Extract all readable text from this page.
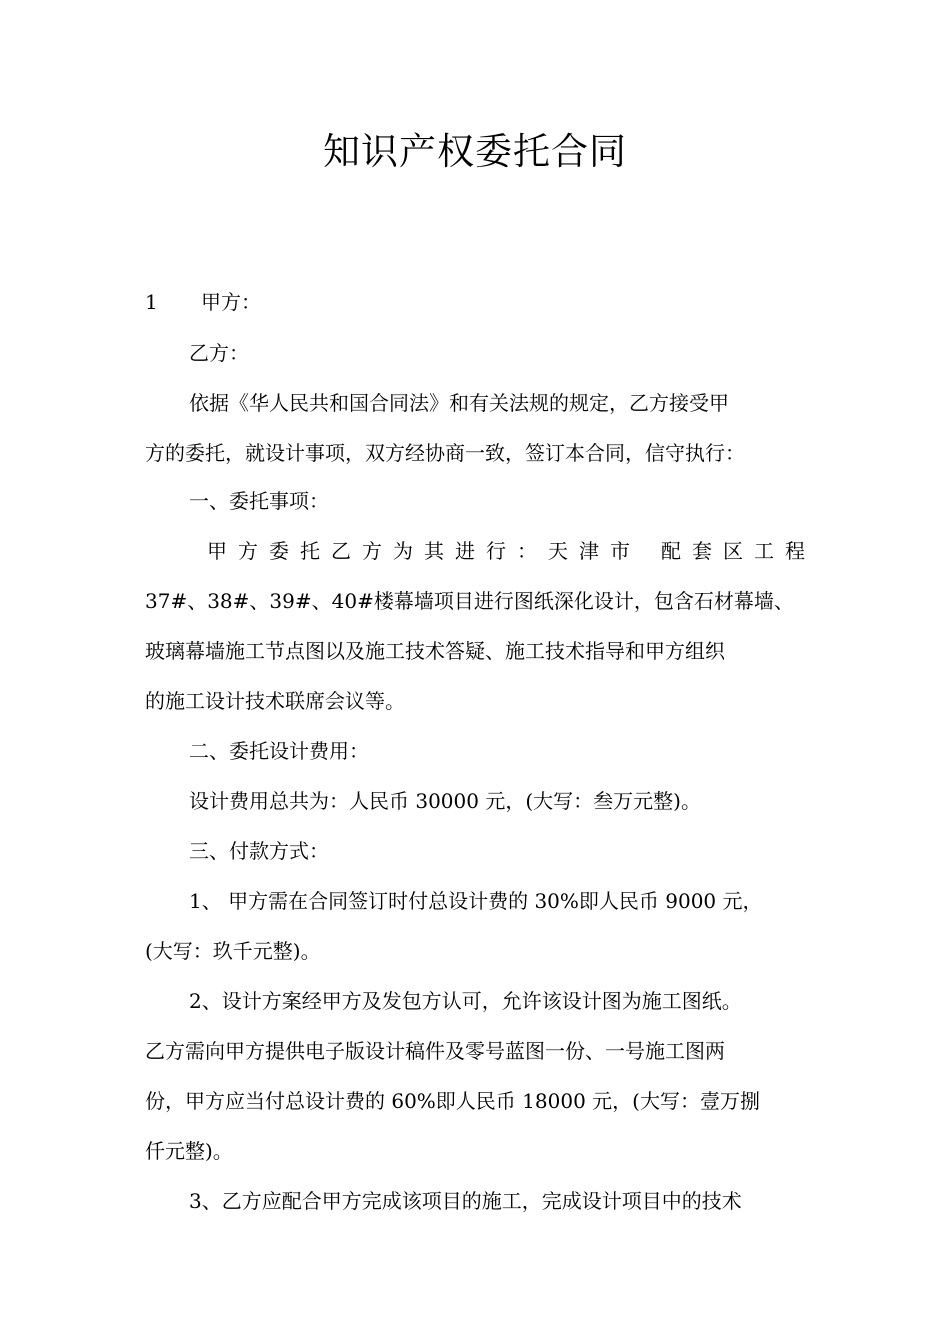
知识产权委托合同
1 甲方：
乙方：
依据《华人民共和国合同法》和有关法规的规定，乙方接受甲
方的委托，就设计事项，双方经协商一致，签订本合同，信守执行：
一、委托事项：
甲 方 委 托 乙 方 为 其 进 行 ： 天 津 市 配 套 区 工 程
37#、38#、39#、40#楼幕墙项目进行图纸深化设计，包含石材幕墙、
玻璃幕墙施工节点图以及施工技术答疑、施工技术指导和甲方组织
的施工设计技术联席会议等。
二、委托设计费用：
设计费用总共为：人民币 30000 元，(大写：叁万元整)。
三、付款方式：
1、 甲方需在合同签订时付总设计费的 30%即人民币 9000 元，
(大写：玖千元整)。
2、设计方案经甲方及发包方认可，允许该设计图为施工图纸。
乙方需向甲方提供电子版设计稿件及零号蓝图一份、一号施工图两
份，甲方应当付总设计费的 60%即人民币 18000 元，(大写：壹万捌
仟元整)。
3、乙方应配合甲方完成该项目的施工，完成设计项目中的技术
